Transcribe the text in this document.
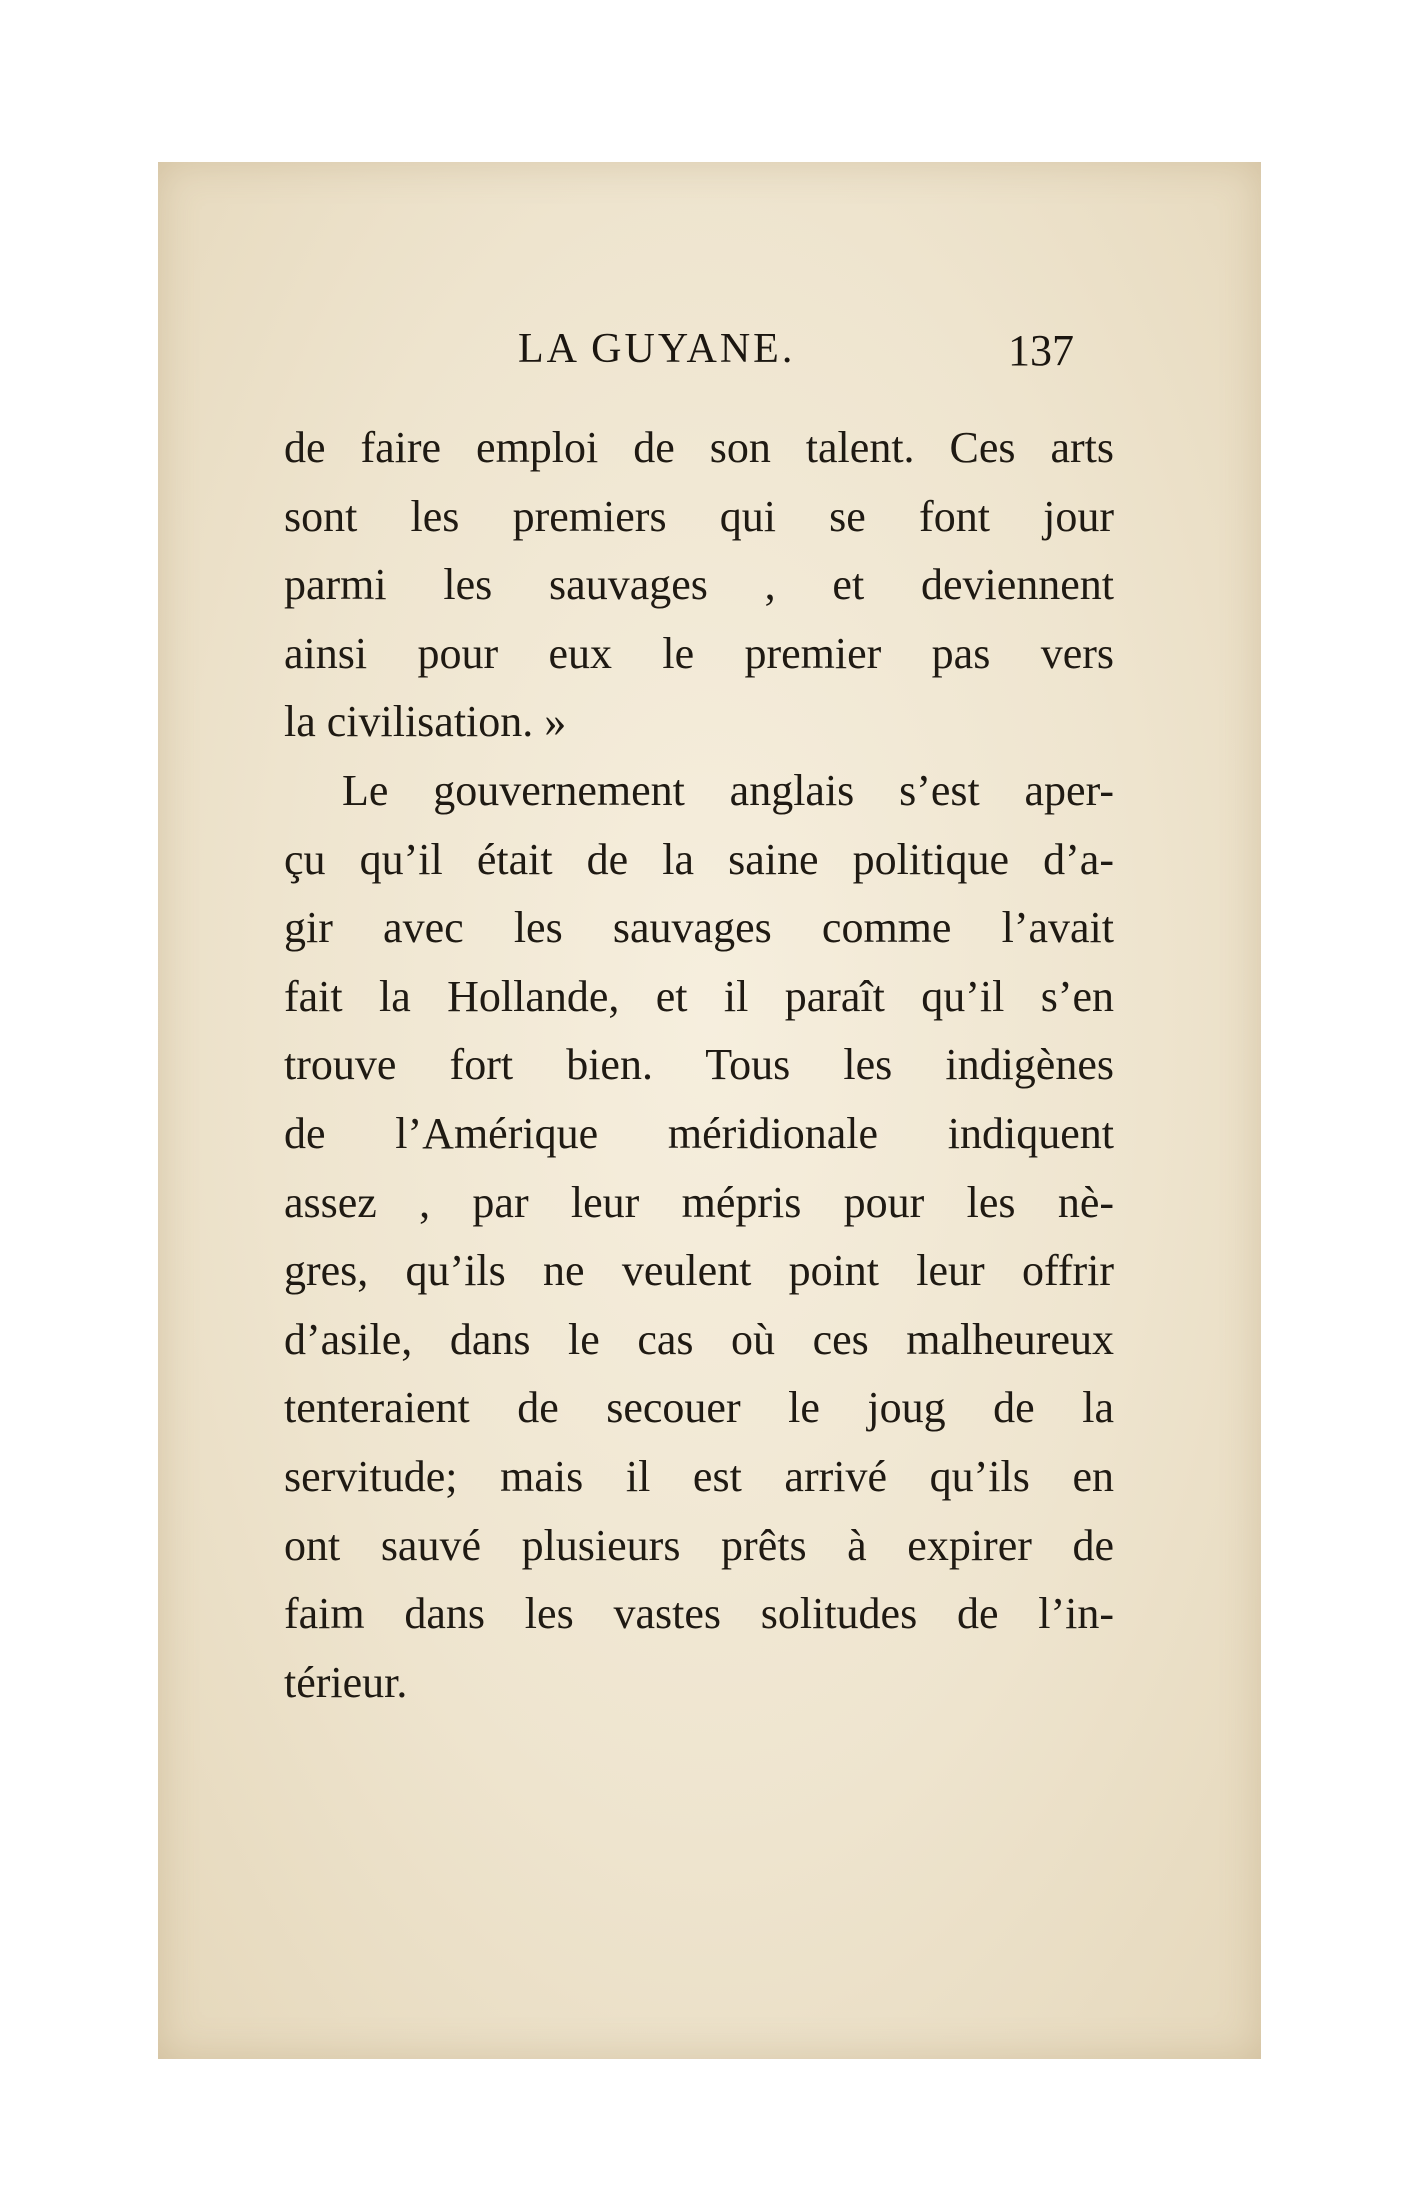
LA GUYANE.	137
de faire emploi de son talent. Ces arts
sont les premiers qui se font jour
parmi les sauvages , et deviennent
ainsi pour eux le premier pas vers
la civilisation. »
Le gouvernement anglais s’est aper-
çu qu’il était de la saine politique d’a-
gir avec les sauvages comme l’avait
fait la Hollande, et il paraît qu’il s’en
trouve fort bien. Tous les indigènes
de l’Amérique méridionale indiquent
assez , par leur mépris pour les nè-
gres, qu’ils ne veulent point leur offrir
d’asile, dans le cas où ces malheureux
tenteraient de secouer le joug de la
servitude; mais il est arrivé qu’ils en
ont sauvé plusieurs prêts à expirer de
faim dans les vastes solitudes de l’in-
térieur.
